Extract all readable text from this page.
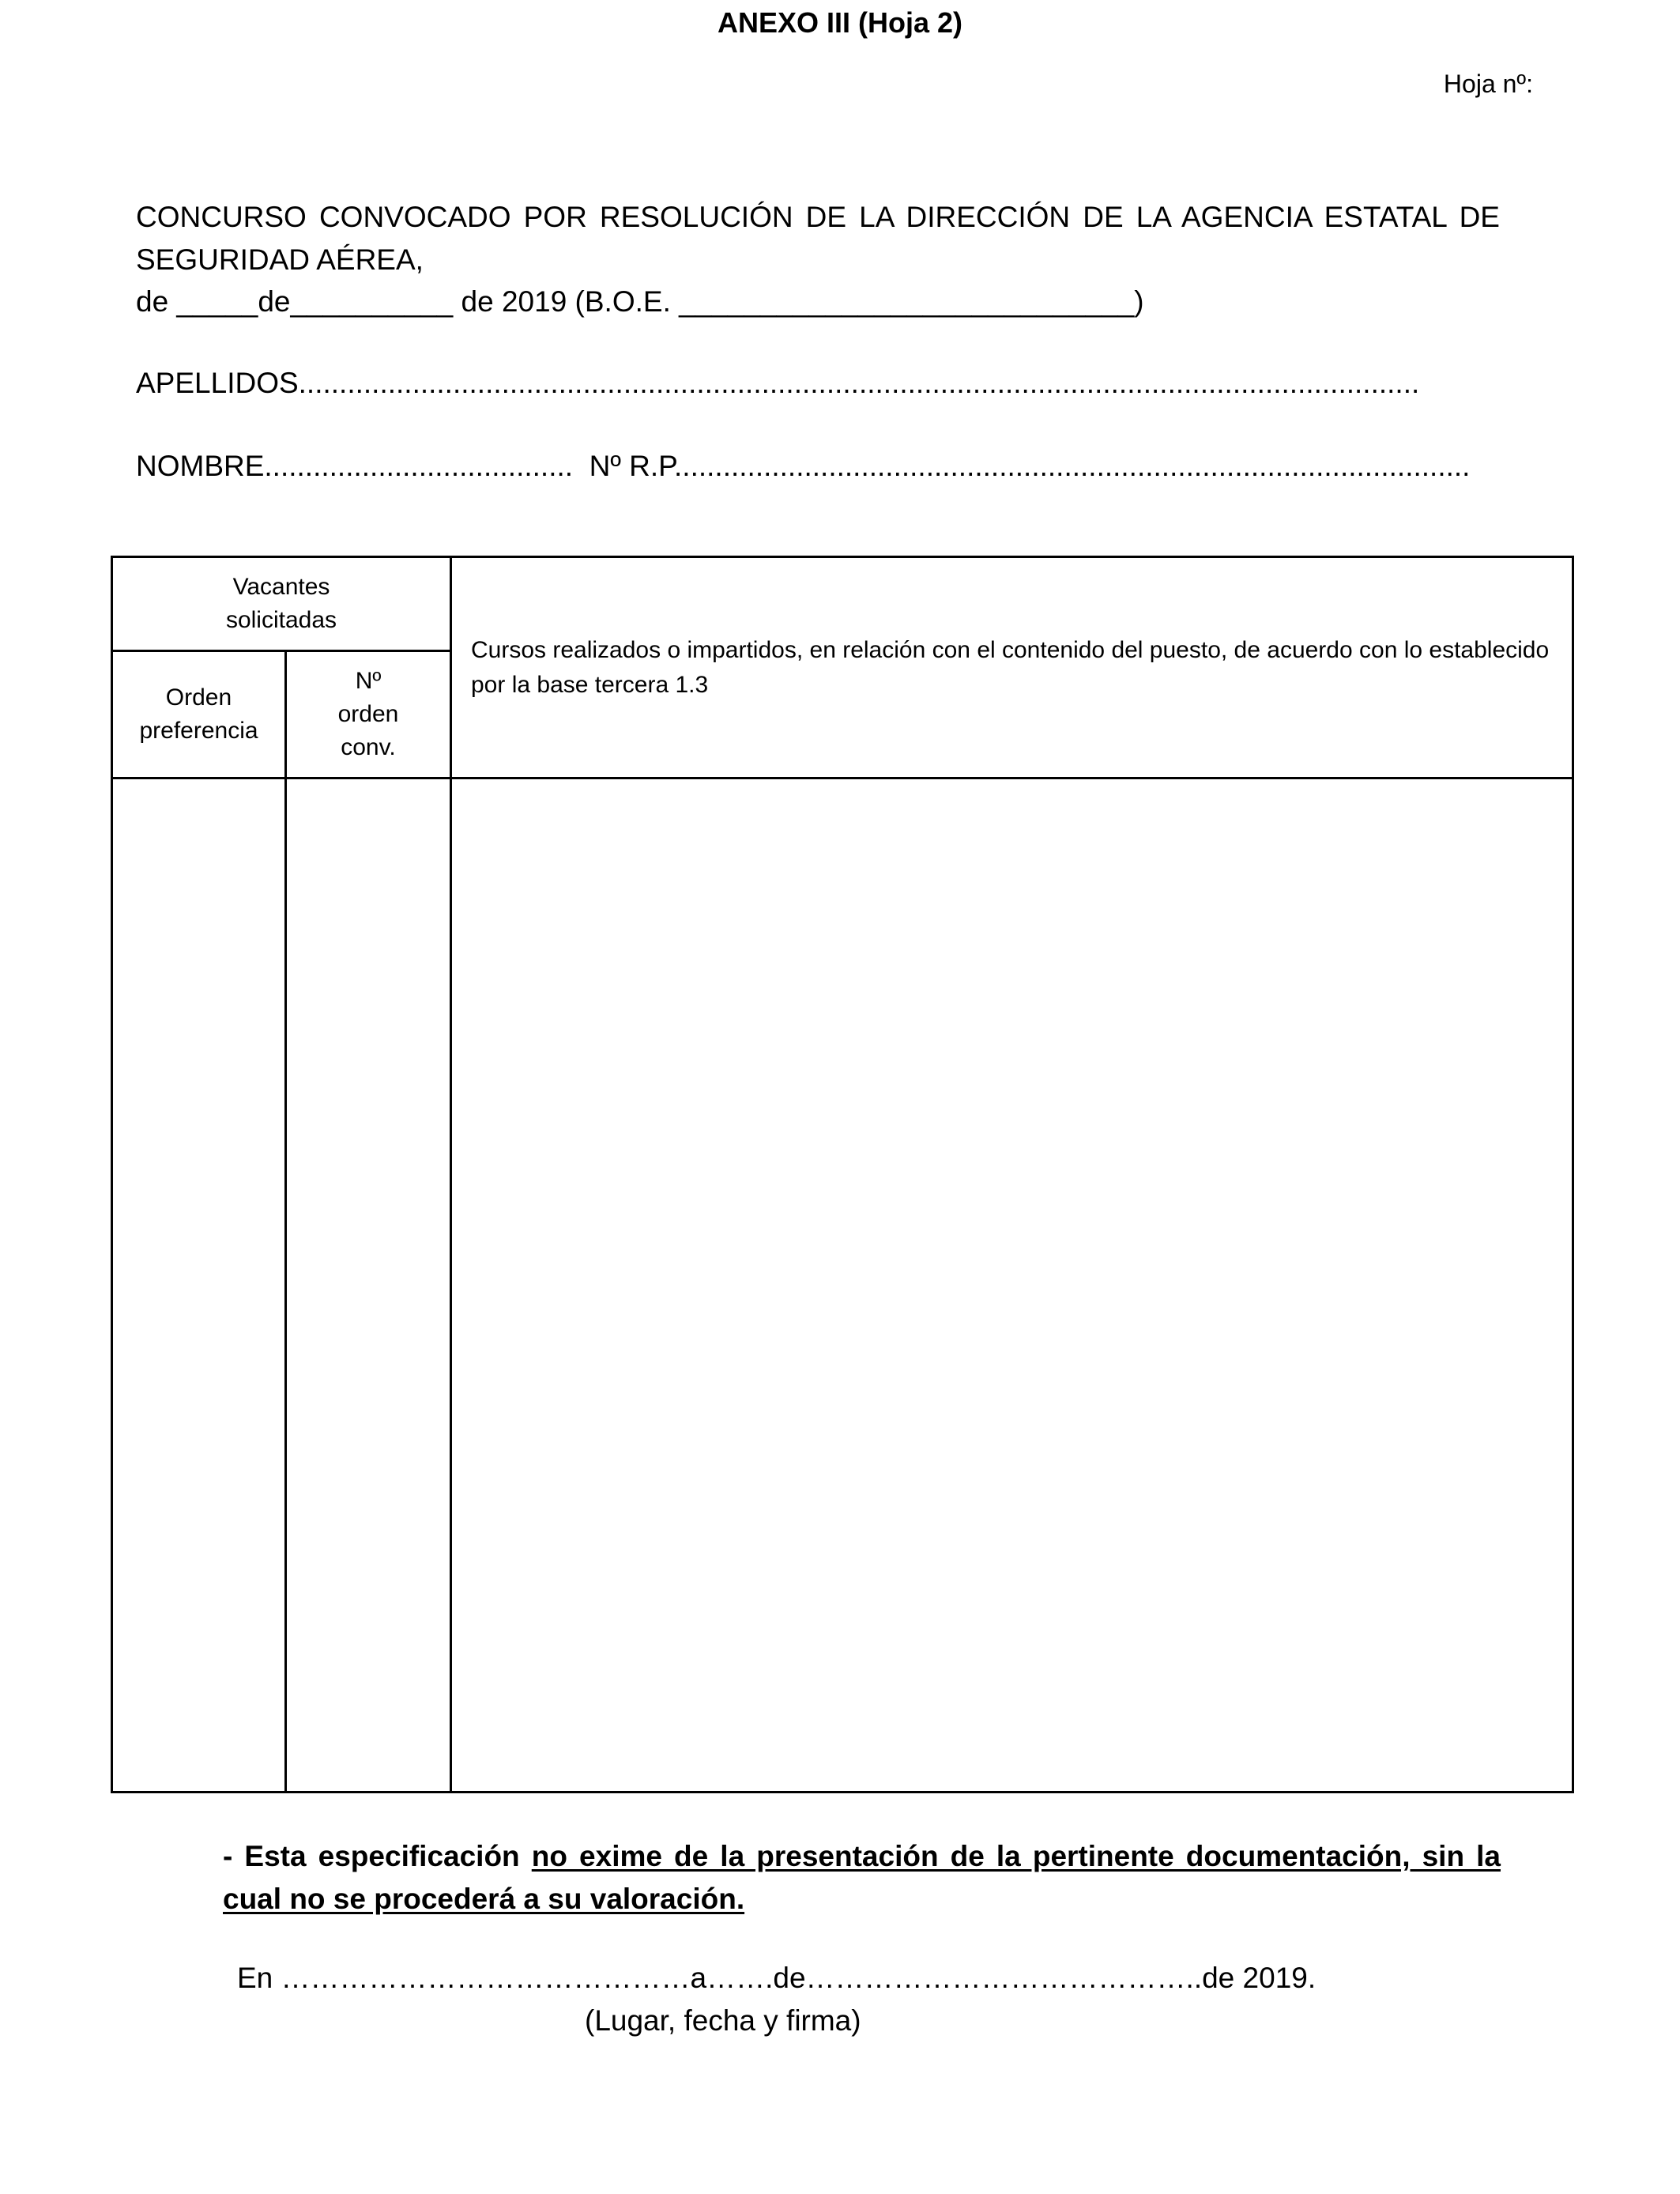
ANEXO III (Hoja 2)
Hoja nº:
CONCURSO CONVOCADO POR RESOLUCIÓN DE LA DIRECCIÓN DE LA AGENCIA ESTATAL DE
SEGURIDAD AÉREA,
de _____de__________ de 2019 (B.O.E. ____________________________)
APELLIDOS..........................................................................................................................................
NOMBRE...................................... Nº R.P..................................................................................................
Vacantes solicitadas		Cursos realizados o impartidos, en relación con el contenido del puesto, de acuerdo con lo establecido por la base tercera 1.3

Orden preferencia	Nº orden conv.	

- Esta especificación no exime de la presentación de la pertinente documentación, sin la cual no se procederá a su valoración.
En ……………………………………a…….de…………………………………..de 2019.
(Lugar, fecha y firma)
